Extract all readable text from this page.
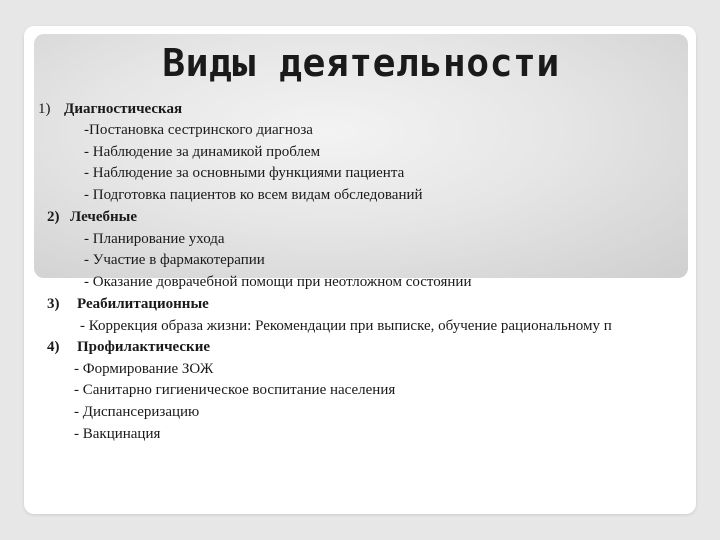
Виды деятельности
1) Диагностическая
-Постановка сестринского диагноза
- Наблюдение за динамикой проблем
- Наблюдение за основными функциями пациента
- Подготовка пациентов ко всем видам обследований
2) Лечебные
- Планирование ухода
- Участие в фармакотерапии
- Оказание доврачебной помощи при неотложном состоянии
3) Реабилитационные
- Коррекция образа жизни: Рекомендации при выписке, обучение рациональному п
4) Профилактические
- Формирование ЗОЖ
- Санитарно гигиеническое воспитание населения
- Диспансеризацию
- Вакцинация
